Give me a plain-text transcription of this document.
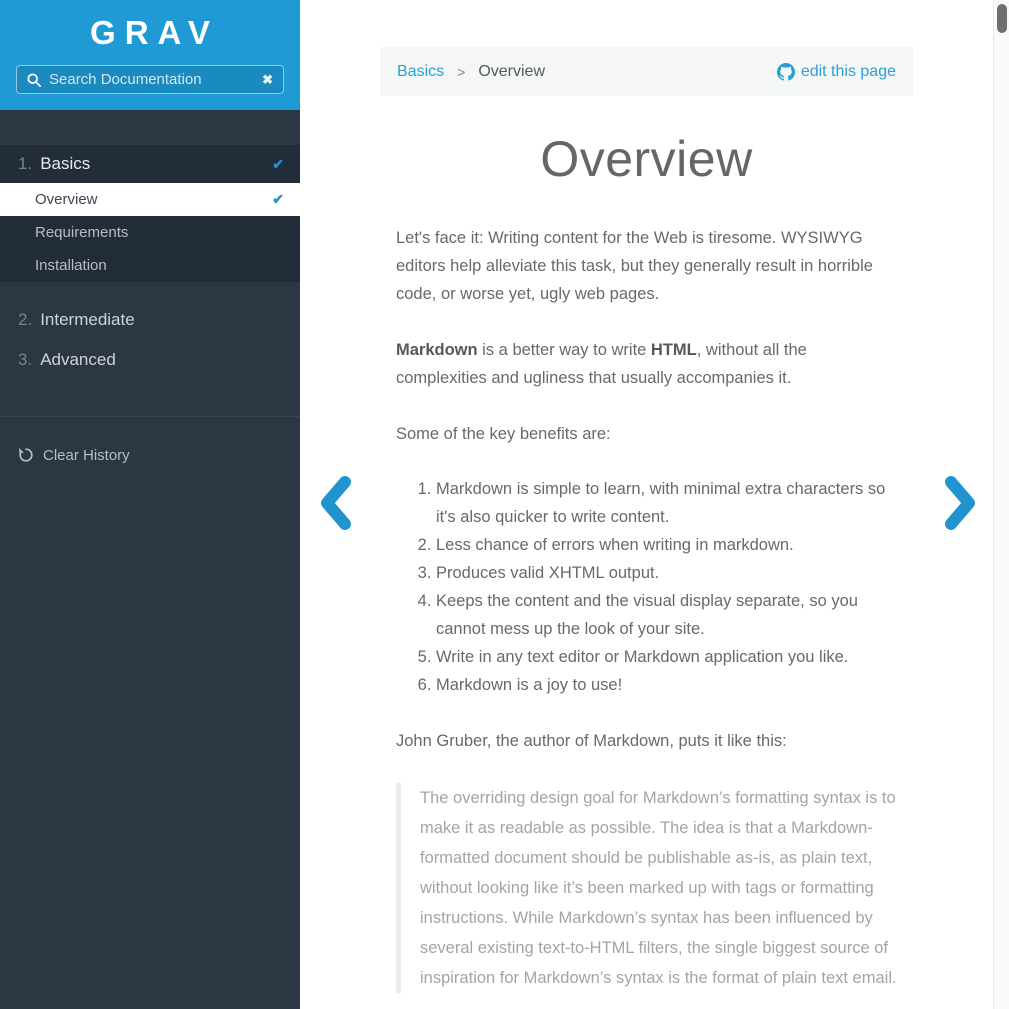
GRAV
Search Documentation
✖
1. Basics	✔
Overview	✔
Requirements
Installation
2. Intermediate
3. Advanced
Clear History
Basics > Overview	edit this page
Overview

Let's face it: Writing content for the Web is tiresome. WYSIWYG editors help alleviate this task, but they generally result in horrible code, or worse yet, ugly web pages.

Markdown is a better way to write HTML, without all the complexities and ugliness that usually accompanies it.

Some of the key benefits are:

1. Markdown is simple to learn, with minimal extra characters so it's also quicker to write content.
2. Less chance of errors when writing in markdown.
3. Produces valid XHTML output.
4. Keeps the content and the visual display separate, so you cannot mess up the look of your site.
5. Write in any text editor or Markdown application you like.
6. Markdown is a joy to use!

John Gruber, the author of Markdown, puts it like this:

The overriding design goal for Markdown’s formatting syntax is to make it as readable as possible. The idea is that a Markdown-formatted document should be publishable as-is, as plain text, without looking like it’s been marked up with tags or formatting instructions. While Markdown’s syntax has been influenced by several existing text-to-HTML filters, the single biggest source of inspiration for Markdown’s syntax is the format of plain text email.
